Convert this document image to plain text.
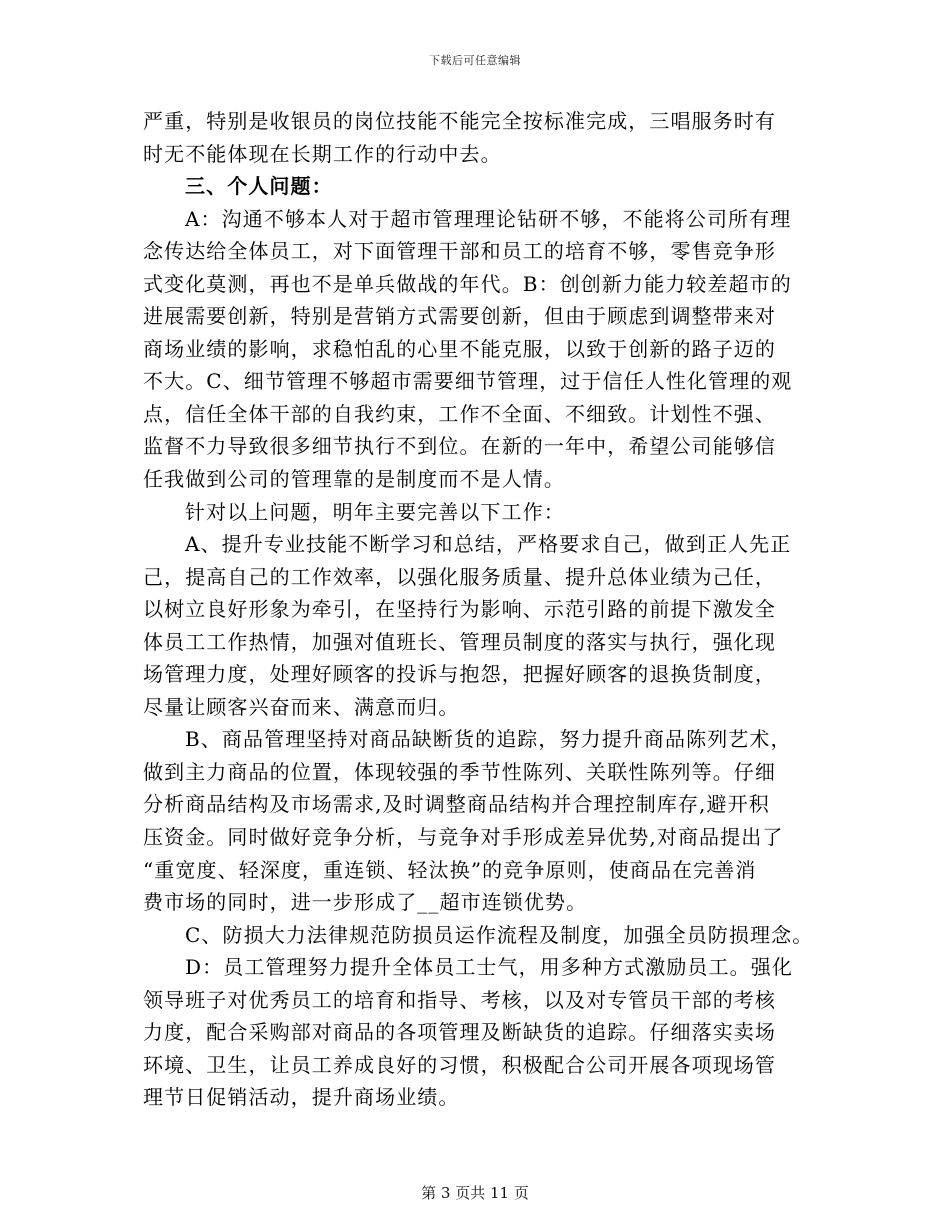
下载后可任意编辑
严重，特别是收银员的岗位技能不能完全按标准完成，三唱服务时有
时无不能体现在长期工作的行动中去。
三、个人问题：
A：沟通不够本人对于超市管理理论钻研不够，不能将公司所有理
念传达给全体员工，对下面管理干部和员工的培育不够，零售竞争形
式变化莫测，再也不是单兵做战的年代。B：创创新力能力较差超市的
进展需要创新，特别是营销方式需要创新，但由于顾虑到调整带来对
商场业绩的影响，求稳怕乱的心里不能克服，以致于创新的路子迈的
不大。C、细节管理不够超市需要细节管理，过于信任人性化管理的观
点，信任全体干部的自我约束，工作不全面、不细致。计划性不强、
监督不力导致很多细节执行不到位。在新的一年中，希望公司能够信
任我做到公司的管理靠的是制度而不是人情。
针对以上问题，明年主要完善以下工作：
A、提升专业技能不断学习和总结，严格要求自己，做到正人先正
己，提高自己的工作效率，以强化服务质量、提升总体业绩为己任，
以树立良好形象为牵引，在坚持行为影响、示范引路的前提下激发全
体员工工作热情，加强对值班长、管理员制度的落实与执行，强化现
场管理力度，处理好顾客的投诉与抱怨，把握好顾客的退换货制度，
尽量让顾客兴奋而来、满意而归。
B、商品管理坚持对商品缺断货的追踪，努力提升商品陈列艺术，
做到主力商品的位置，体现较强的季节性陈列、关联性陈列等。仔细
分析商品结构及市场需求,及时调整商品结构并合理控制库存,避开积
压资金。同时做好竞争分析，与竞争对手形成差异优势,对商品提出了
“重宽度、轻深度，重连锁、轻汰换”的竞争原则，使商品在完善消
费市场的同时，进一步形成了__超市连锁优势。
C、防损大力法律规范防损员运作流程及制度，加强全员防损理念。
D：员工管理努力提升全体员工士气，用多种方式激励员工。强化
领导班子对优秀员工的培育和指导、考核，以及对专管员干部的考核
力度，配合采购部对商品的各项管理及断缺货的追踪。仔细落实卖场
环境、卫生，让员工养成良好的习惯，积极配合公司开展各项现场管
理节日促销活动，提升商场业绩。
第 3 页共 11 页
